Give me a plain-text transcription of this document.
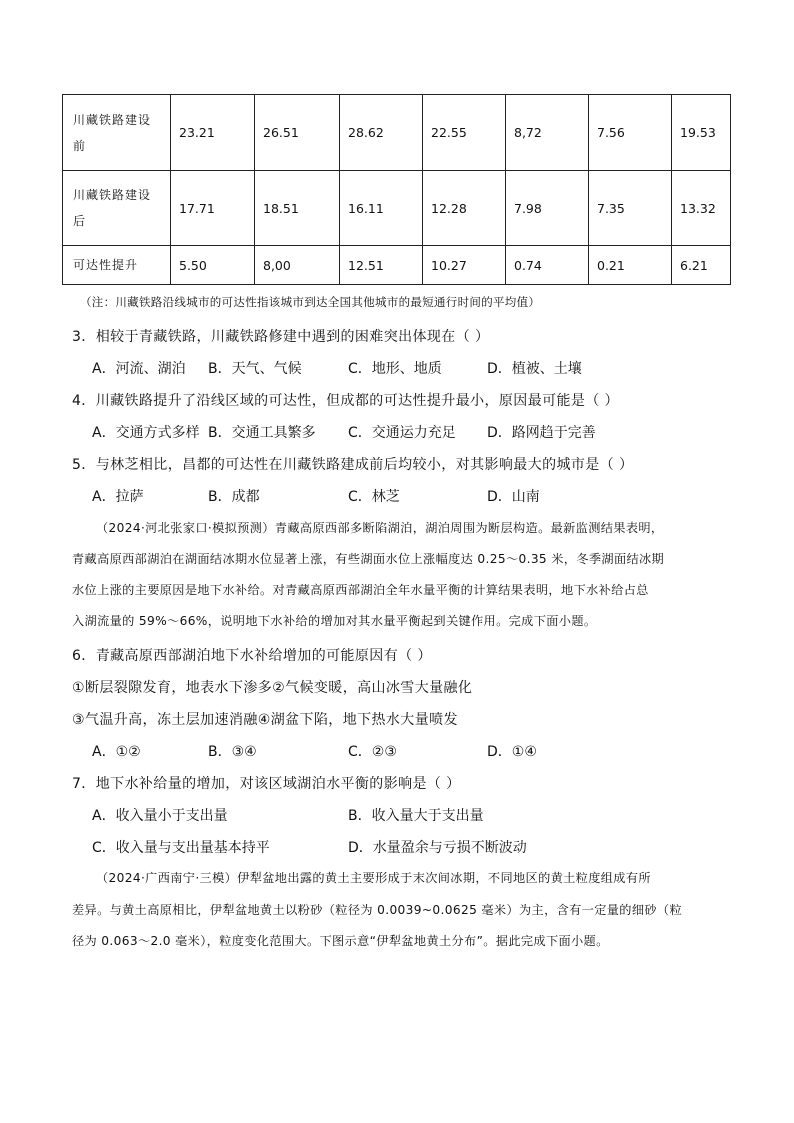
川藏铁路建设
前	23.21	26.51	28.62	22.55	8,72	7.56	19.53
川藏铁路建设
后	17.71	18.51	16.11	12.28	7.98	7.35	13.32
可达性提升	5.50	8,00	12.51	10.27	0.74	0.21	6.21
（注：川藏铁路沿线城市的可达性指该城市到达全国其他城市的最短通行时间的平均值）
3．相较于青藏铁路，川藏铁路修建中遇到的困难突出体现在（ ）
A．河流、湖泊 B．天气、气候	C．地形、地质	D．植被、土壤
4．川藏铁路提升了沿线区域的可达性，但成都的可达性提升最小，原因最可能是（ ）
A．交通方式多样 B．交通工具繁多 C．交通运力充足 D．路网趋于完善
5．与林芝相比，昌都的可达性在川藏铁路建成前后均较小，对其影响最大的城市是（ ）
A．拉萨	B．成都	C．林芝	D．山南
（2024·河北张家口·模拟预测）青藏高原西部多断陷湖泊，湖泊周围为断层构造。最新监测结果表明，
青藏高原西部湖泊在湖面结冰期水位显著上涨，有些湖面水位上涨幅度达 0.25～0.35 米，冬季湖面结冰期
水位上涨的主要原因是地下水补给。对青藏高原西部湖泊全年水量平衡的计算结果表明，地下水补给占总
入湖流量的 59%～66%，说明地下水补给的增加对其水量平衡起到关键作用。完成下面小题。
6．青藏高原西部湖泊地下水补给增加的可能原因有（ ）
①断层裂隙发育，地表水下渗多②气候变暖，高山冰雪大量融化
③气温升高，冻土层加速消融④湖盆下陷，地下热水大量喷发
A．①②	B．③④	C．②③	D．①④
7．地下水补给量的增加，对该区域湖泊水平衡的影响是（ ）
A．收入量小于支出量	B．收入量大于支出量
C．收入量与支出量基本持平	D．水量盈余与亏损不断波动
（2024·广西南宁·三模）伊犁盆地出露的黄土主要形成于末次间冰期，不同地区的黄土粒度组成有所
差异。与黄土高原相比，伊犁盆地黄土以粉砂（粒径为 0.0039~0.0625 毫米）为主，含有一定量的细砂（粒
径为 0.063～2.0 毫米），粒度变化范围大。下图示意“伊犁盆地黄土分布”。据此完成下面小题。
